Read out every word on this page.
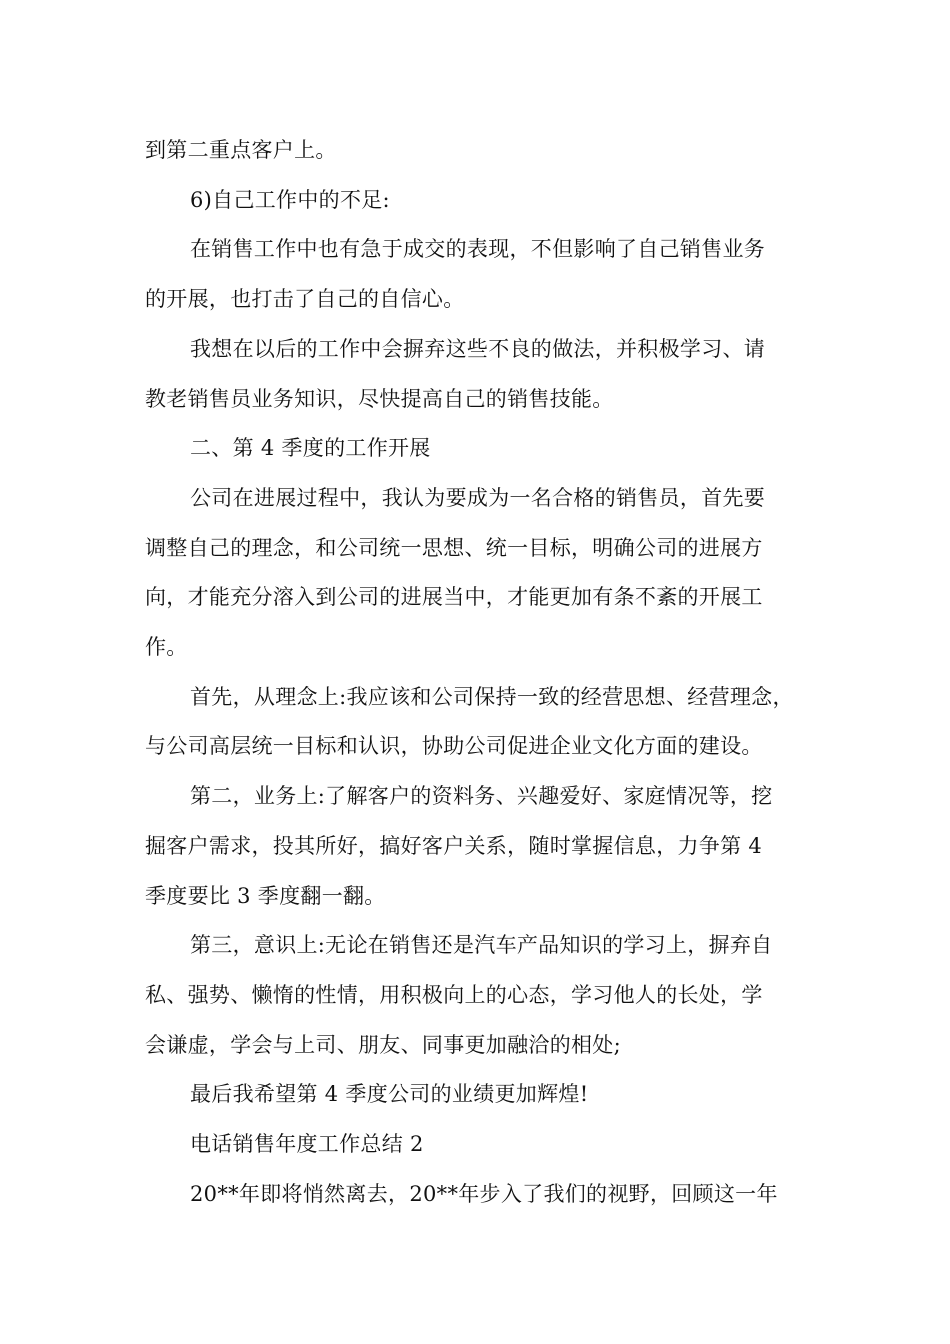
到第二重点客户上。

6)自己工作中的不足:

在销售工作中也有急于成交的表现，不但影响了自己销售业务

的开展，也打击了自己的自信心。

我想在以后的工作中会摒弃这些不良的做法，并积极学习、请

教老销售员业务知识，尽快提高自己的销售技能。

二、第 4 季度的工作开展

公司在进展过程中，我认为要成为一名合格的销售员，首先要

调整自己的理念，和公司统一思想、统一目标，明确公司的进展方

向，才能充分溶入到公司的进展当中，才能更加有条不紊的开展工

作。

首先，从理念上:我应该和公司保持一致的经营思想、经营理念，

与公司高层统一目标和认识，协助公司促进企业文化方面的建设。

第二，业务上:了解客户的资料务、兴趣爱好、家庭情况等，挖

掘客户需求，投其所好，搞好客户关系，随时掌握信息，力争第 4

季度要比 3 季度翻一翻。

第三，意识上:无论在销售还是汽车产品知识的学习上，摒弃自

私、强势、懒惰的性情，用积极向上的心态，学习他人的长处，学

会谦虚，学会与上司、朋友、同事更加融洽的相处;

最后我希望第 4 季度公司的业绩更加辉煌!

电话销售年度工作总结 2

20**年即将悄然离去，20**年步入了我们的视野，回顾这一年
